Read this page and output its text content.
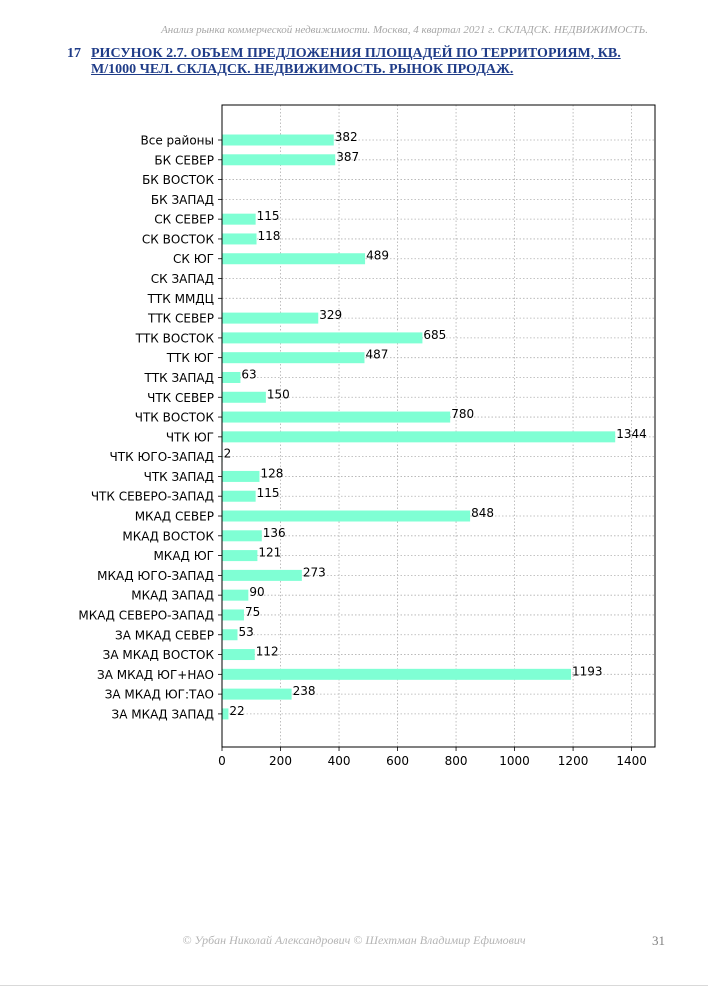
Анализ рынка коммерческой недвижимости. Москва, 4 квартал 2021 г. СКЛАДСК. НЕДВИЖИМОСТЬ.
17 РИСУНОК 2.7. ОБЪЕМ ПРЕДЛОЖЕНИЯ ПЛОЩАДЕЙ ПО ТЕРРИТОРИЯМ, КВ. М/1000 ЧЕЛ. СКЛАДСК. НЕДВИЖИМОСТЬ. РЫНОК ПРОДАЖ.
0	200	400	600	800	1000 1200 1400
Все районы	382
БК СЕВЕР	387
БК ВОСТОК
БК ЗАПАД
СК СЕВЕР	115
СК ВОСТОК	118
СК ЮГ	489
СК ЗАПАД
ТТК ММДЦ
ТТК СЕВЕР	329
ТТК ВОСТОК	685
ТТК ЮГ	487
ТТК ЗАПАД 63
ЧТК СЕВЕР	150
ЧТК ВОСТОК	780
ЧТК ЮГ	1344
ЧТК ЮГО-ЗАПАД 2
ЧТК ЗАПАД	128
ЧТК СЕВЕРО-ЗАПАД	115
МКАД СЕВЕР	848
МКАД ВОСТОК	136
МКАД ЮГ	121
МКАД ЮГО-ЗАПАД	273
МКАД ЗАПАД	90
МКАД СЕВЕРО-ЗАПАД	75
ЗА МКАД СЕВЕР 53
ЗА МКАД ВОСТОК	112
ЗА МКАД ЮГ+НАО	1193
ЗА МКАД ЮГ:ТАО	238
ЗА МКАД ЗАПАД 22
© Урбан Николай Александрович © Шехтман Владимир Ефимович	31
